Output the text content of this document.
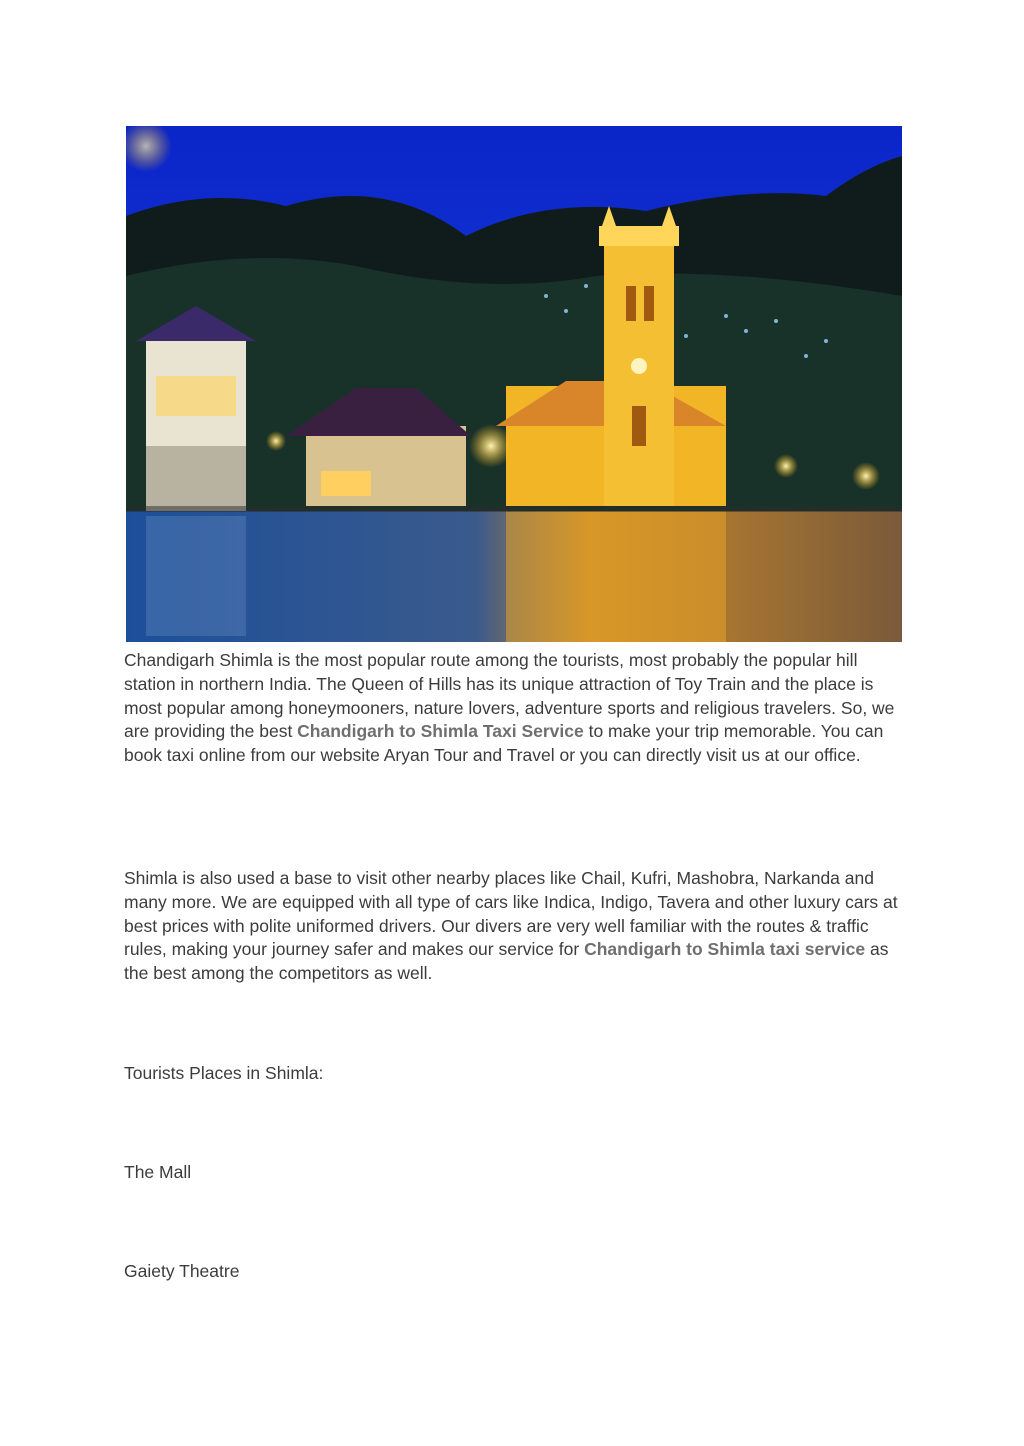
Chandigarh Shimla is the most popular route among the tourists, most probably the popular hill station in northern India. The Queen of Hills has its unique attraction of Toy Train and the place is most popular among honeymooners, nature lovers, adventure sports and religious travelers. So, we are providing the best Chandigarh to Shimla Taxi Service to make your trip memorable. You can book taxi online from our website Aryan Tour and Travel or you can directly visit us at our office.

Shimla is also used a base to visit other nearby places like Chail, Kufri, Mashobra, Narkanda and many more. We are equipped with all type of cars like Indica, Indigo, Tavera and other luxury cars at best prices with polite uniformed drivers. Our divers are very well familiar with the routes & traffic rules, making your journey safer and makes our service for Chandigarh to Shimla taxi service as the best among the competitors as well.

Tourists Places in Shimla:

The Mall

Gaiety Theatre
